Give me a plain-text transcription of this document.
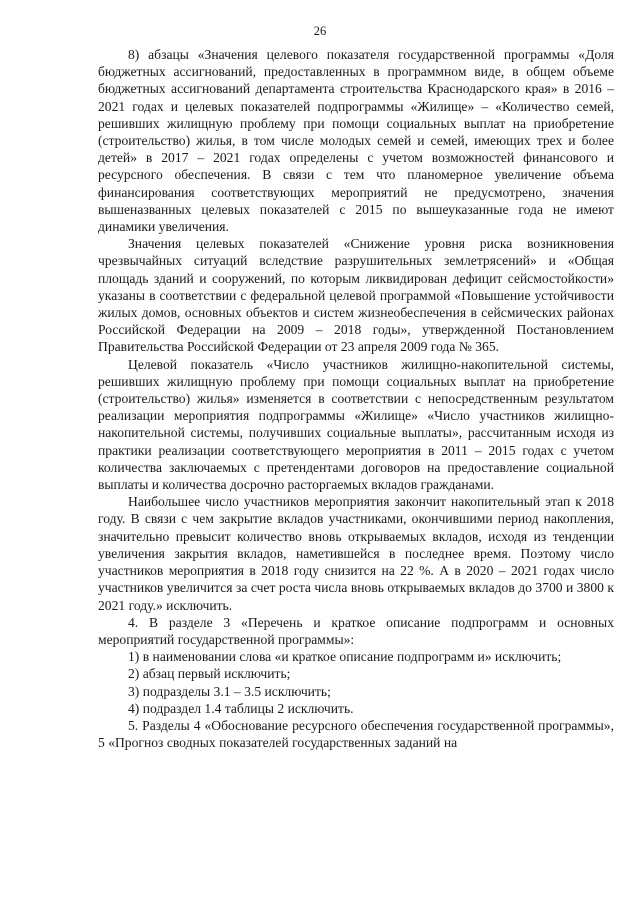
26

8) абзацы «Значения целевого показателя государственной программы «Доля бюджетных ассигнований, предоставленных в программном виде, в общем объеме бюджетных ассигнований департамента строительства Краснодарского края» в 2016 – 2021 годах и целевых показателей подпрограммы «Жилище» – «Количество семей, решивших жилищную проблему при помощи социальных выплат на приобретение (строительство) жилья, в том числе молодых семей и семей, имеющих трех и более детей» в 2017 – 2021 годах определены с учетом возможностей финансового и ресурсного обеспечения. В связи с тем что планомерное увеличение объема финансирования соответствующих мероприятий не предусмотрено, значения вышеназванных целевых показателей с 2015 по вышеуказанные года не имеют динамики увеличения.

Значения целевых показателей «Снижение уровня риска возникновения чрезвычайных ситуаций вследствие разрушительных землетрясений» и «Общая площадь зданий и сооружений, по которым ликвидирован дефицит сейсмостойкости» указаны в соответствии с федеральной целевой программой «Повышение устойчивости жилых домов, основных объектов и систем жизнеобеспечения в сейсмических районах Российской Федерации на 2009 – 2018 годы», утвержденной Постановлением Правительства Российской Федерации от 23 апреля 2009 года № 365.

Целевой показатель «Число участников жилищно-накопительной системы, решивших жилищную проблему при помощи социальных выплат на приобретение (строительство) жилья» изменяется в соответствии с непосредственным результатом реализации мероприятия подпрограммы «Жилище» «Число участников жилищно-накопительной системы, получивших социальные выплаты», рассчитанным исходя из практики реализации соответствующего мероприятия в 2011 – 2015 годах с учетом количества заключаемых с претендентами договоров на предоставление социальной выплаты и количества досрочно расторгаемых вкладов гражданами.

Наибольшее число участников мероприятия закончит накопительный этап к 2018 году. В связи с чем закрытие вкладов участниками, окончившими период накопления, значительно превысит количество вновь открываемых вкладов, исходя из тенденции увеличения закрытия вкладов, наметившейся в последнее время. Поэтому число участников мероприятия в 2018 году снизится на 22 %. А в 2020 – 2021 годах число участников увеличится за счет роста числа вновь открываемых вкладов до 3700 и 3800 к 2021 году.» исключить.

4. В разделе 3 «Перечень и краткое описание подпрограмм и основных мероприятий государственной программы»:

1) в наименовании слова «и краткое описание подпрограмм и» исключить;

2) абзац первый исключить;

3) подразделы 3.1 – 3.5 исключить;

4) подраздел 1.4 таблицы 2 исключить.

5. Разделы 4 «Обоснование ресурсного обеспечения государственной программы», 5 «Прогноз сводных показателей государственных заданий на
